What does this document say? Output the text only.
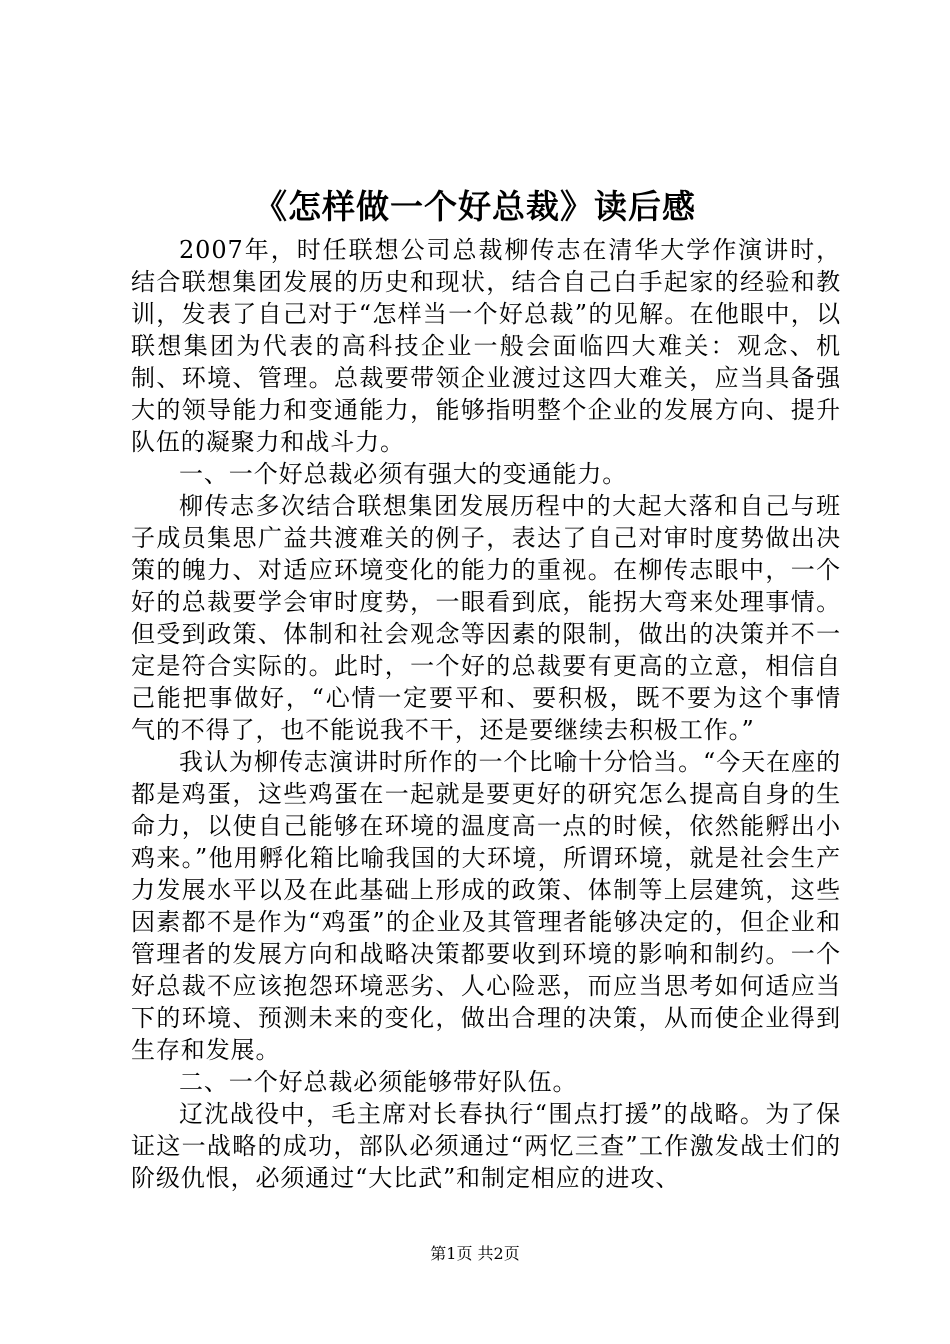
《怎样做一个好总裁》读后感

2007年，时任联想公司总裁柳传志在清华大学作演讲时，结合联想集团发展的历史和现状，结合自己白手起家的经验和教训，发表了自己对于“怎样当一个好总裁”的见解。在他眼中，以联想集团为代表的高科技企业一般会面临四大难关：观念、机制、环境、管理。总裁要带领企业渡过这四大难关，应当具备强大的领导能力和变通能力，能够指明整个企业的发展方向、提升队伍的凝聚力和战斗力。

一、一个好总裁必须有强大的变通能力。

柳传志多次结合联想集团发展历程中的大起大落和自己与班子成员集思广益共渡难关的例子，表达了自己对审时度势做出决策的魄力、对适应环境变化的能力的重视。在柳传志眼中，一个好的总裁要学会审时度势，一眼看到底，能拐大弯来处理事情。但受到政策、体制和社会观念等因素的限制，做出的决策并不一定是符合实际的。此时，一个好的总裁要有更高的立意，相信自己能把事做好，“心情一定要平和、要积极，既不要为这个事情气的不得了，也不能说我不干，还是要继续去积极工作。”

我认为柳传志演讲时所作的一个比喻十分恰当。“今天在座的都是鸡蛋，这些鸡蛋在一起就是要更好的研究怎么提高自身的生命力，以使自己能够在环境的温度高一点的时候，依然能孵出小鸡来。”他用孵化箱比喻我国的大环境，所谓环境，就是社会生产力发展水平以及在此基础上形成的政策、体制等上层建筑，这些因素都不是作为“鸡蛋”的企业及其管理者能够决定的，但企业和管理者的发展方向和战略决策都要收到环境的影响和制约。一个好总裁不应该抱怨环境恶劣、人心险恶，而应当思考如何适应当下的环境、预测未来的变化，做出合理的决策，从而使企业得到生存和发展。

二、一个好总裁必须能够带好队伍。

辽沈战役中，毛主席对长春执行“围点打援”的战略。为了保证这一战略的成功，部队必须通过“两忆三查”工作激发战士们的阶级仇恨，必须通过“大比武”和制定相应的进攻、

第1页 共2页
